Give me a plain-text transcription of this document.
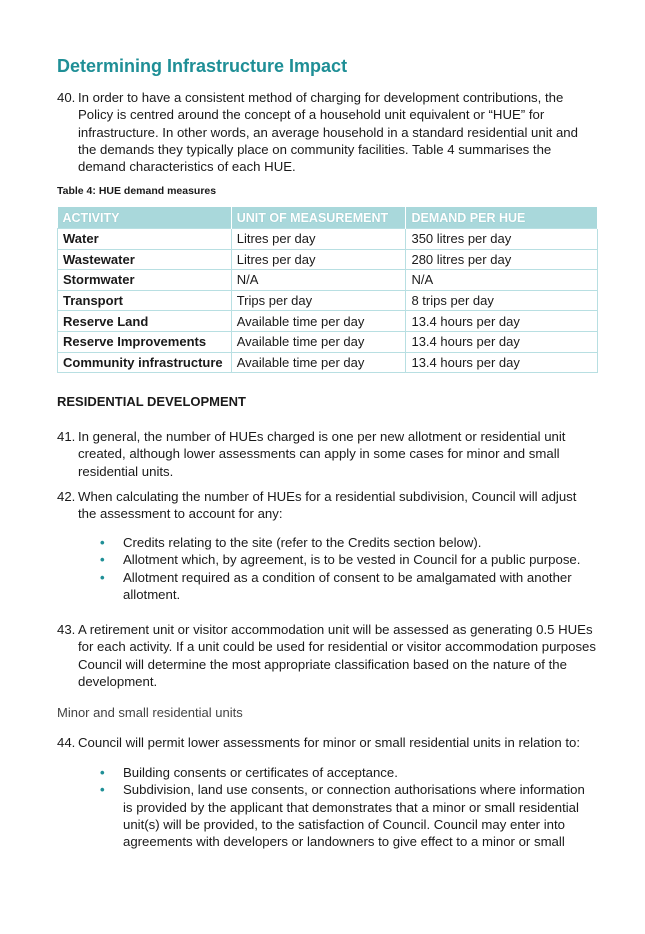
Determining Infrastructure Impact
40. In order to have a consistent method of charging for development contributions, the Policy is centred around the concept of a household unit equivalent or “HUE” for infrastructure. In other words, an average household in a standard residential unit and the demands they typically place on community facilities. Table 4 summarises the demand characteristics of each HUE.
Table 4: HUE demand measures
ACTIVITY	UNIT OF MEASUREMENT	DEMAND PER HUE
Water	Litres per day	350 litres per day
Wastewater	Litres per day	280 litres per day
Stormwater	N/A	N/A
Transport	Trips per day	8 trips per day
Reserve Land	Available time per day	13.4 hours per day
Reserve Improvements	Available time per day	13.4 hours per day
Community infrastructure	Available time per day	13.4 hours per day
RESIDENTIAL DEVELOPMENT
41. In general, the number of HUEs charged is one per new allotment or residential unit created, although lower assessments can apply in some cases for minor and small residential units.
42. When calculating the number of HUEs for a residential subdivision, Council will adjust the assessment to account for any:
• Credits relating to the site (refer to the Credits section below).
• Allotment which, by agreement, is to be vested in Council for a public purpose.
• Allotment required as a condition of consent to be amalgamated with another allotment.
43. A retirement unit or visitor accommodation unit will be assessed as generating 0.5 HUEs for each activity. If a unit could be used for residential or visitor accommodation purposes Council will determine the most appropriate classification based on the nature of the development.
Minor and small residential units
44. Council will permit lower assessments for minor or small residential units in relation to:
• Building consents or certificates of acceptance.
• Subdivision, land use consents, or connection authorisations where information is provided by the applicant that demonstrates that a minor or small residential unit(s) will be provided, to the satisfaction of Council. Council may enter into agreements with developers or landowners to give effect to a minor or small
